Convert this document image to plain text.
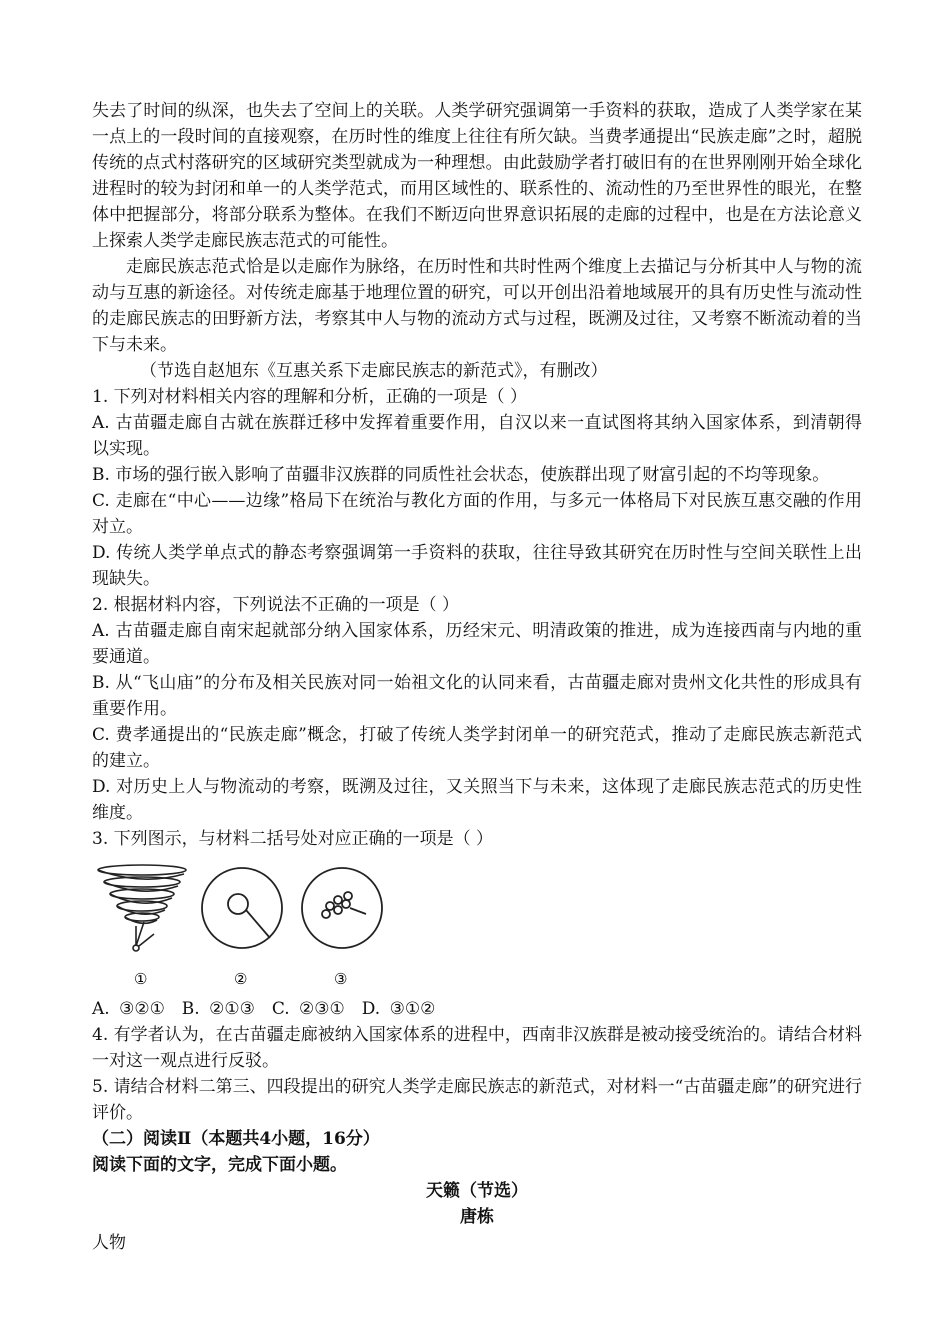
失去了时间的纵深，也失去了空间上的关联。人类学研究强调第一手资料的获取，造成了人类学家在某一点上的一段时间的直接观察，在历时性的维度上往往有所欠缺。当费孝通提出“民族走廊”之时，超脱传统的点式村落研究的区域研究类型就成为一种理想。由此鼓励学者打破旧有的在世界刚刚开始全球化进程时的较为封闭和单一的人类学范式，而用区域性的、联系性的、流动性的乃至世界性的眼光，在整体中把握部分，将部分联系为整体。在我们不断迈向世界意识拓展的走廊的过程中，也是在方法论意义上探索人类学走廊民族志范式的可能性。

走廊民族志范式恰是以走廊作为脉络，在历时性和共时性两个维度上去描记与分析其中人与物的流动与互惠的新途径。对传统走廊基于地理位置的研究，可以开创出沿着地域展开的具有历史性与流动性的走廊民族志的田野新方法，考察其中人与物的流动方式与过程，既溯及过往，又考察不断流动着的当下与未来。

（节选自赵旭东《互惠关系下走廊民族志的新范式》，有删改）

1. 下列对材料相关内容的理解和分析，正确的一项是（ ）

A. 古苗疆走廊自古就在族群迁移中发挥着重要作用，自汉以来一直试图将其纳入国家体系，到清朝得以实现。

B. 市场的强行嵌入影响了苗疆非汉族群的同质性社会状态，使族群出现了财富引起的不均等现象。

C. 走廊在“中心——边缘”格局下在统治与教化方面的作用，与多元一体格局下对民族互惠交融的作用对立。

D. 传统人类学单点式的静态考察强调第一手资料的获取，往往导致其研究在历时性与空间关联性上出现缺失。

2. 根据材料内容，下列说法不正确的一项是（ ）

A. 古苗疆走廊自南宋起就部分纳入国家体系，历经宋元、明清政策的推进，成为连接西南与内地的重要通道。

B. 从“飞山庙”的分布及相关民族对同一始祖文化的认同来看，古苗疆走廊对贵州文化共性的形成具有重要作用。

C. 费孝通提出的“民族走廊”概念，打破了传统人类学封闭单一的研究范式，推动了走廊民族志新范式的建立。

D. 对历史上人与物流动的考察，既溯及过往，又关照当下与未来，这体现了走廊民族志范式的历史性维度。

3. 下列图示，与材料二括号处对应正确的一项是（ ）

①	②	③

A. ③②①　B. ②①③　C. ②③①　D. ③①②

4. 有学者认为，在古苗疆走廊被纳入国家体系的进程中，西南非汉族群是被动接受统治的。请结合材料一对这一观点进行反驳。

5. 请结合材料二第三、四段提出的研究人类学走廊民族志的新范式，对材料一“古苗疆走廊”的研究进行评价。

（二）阅读Ⅱ（本题共4小题，16分）

阅读下面的文字，完成下面小题。

天籁（节选）

唐栋

人物
